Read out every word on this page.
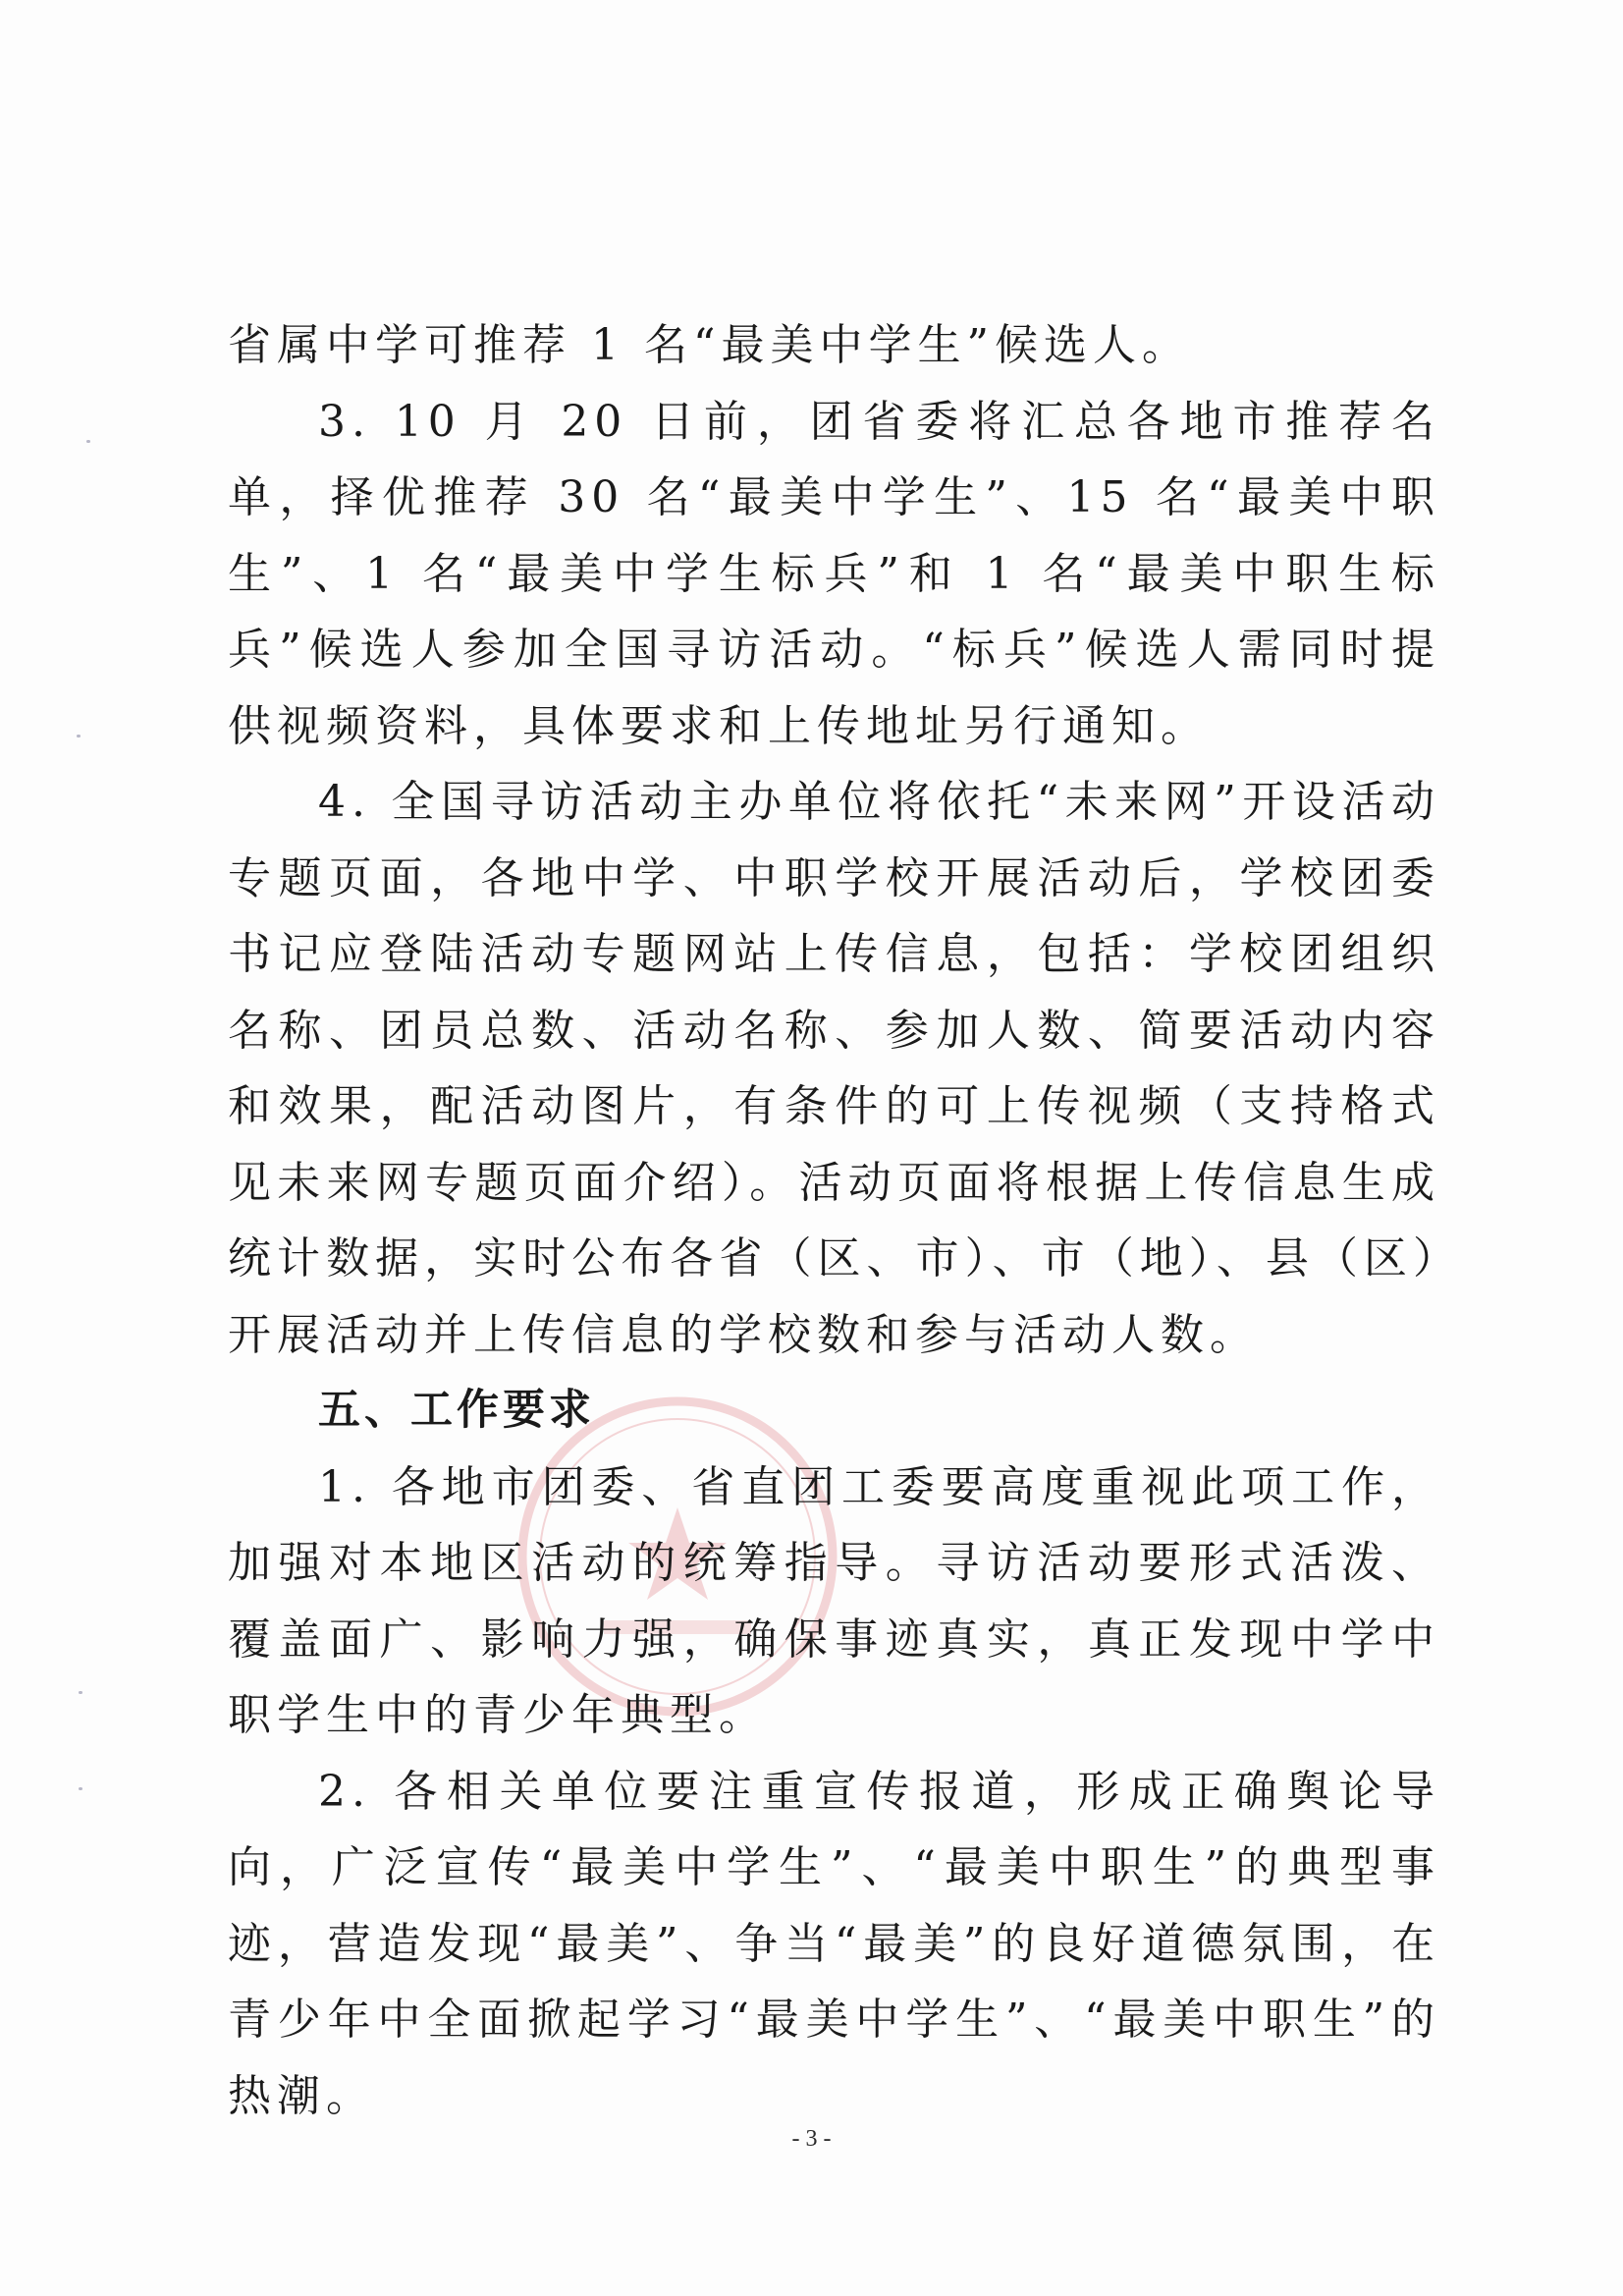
省属中学可推荐 1 名“最美中学生”候选人。

3. 10 月 20 日前，团省委将汇总各地市推荐名单，择优推荐 30 名“最美中学生”、15 名“最美中职生”、1 名“最美中学生标兵”和 1 名“最美中职生标兵”候选人参加全国寻访活动。“标兵”候选人需同时提供视频资料，具体要求和上传地址另行通知。

4. 全国寻访活动主办单位将依托“未来网”开设活动专题页面，各地中学、中职学校开展活动后，学校团委书记应登陆活动专题网站上传信息，包括：学校团组织名称、团员总数、活动名称、参加人数、简要活动内容和效果，配活动图片，有条件的可上传视频（支持格式见未来网专题页面介绍）。活动页面将根据上传信息生成统计数据，实时公布各省（区、市）、市（地）、县（区）开展活动并上传信息的学校数和参与活动人数。

五、工作要求

1. 各地市团委、省直团工委要高度重视此项工作，加强对本地区活动的统筹指导。寻访活动要形式活泼、覆盖面广、影响力强，确保事迹真实，真正发现中学中职学生中的青少年典型。

2. 各相关单位要注重宣传报道，形成正确舆论导向，广泛宣传“最美中学生”、“最美中职生”的典型事迹，营造发现“最美”、争当“最美”的良好道德氛围，在青少年中全面掀起学习“最美中学生”、“最美中职生”的热潮。

- 3 -
